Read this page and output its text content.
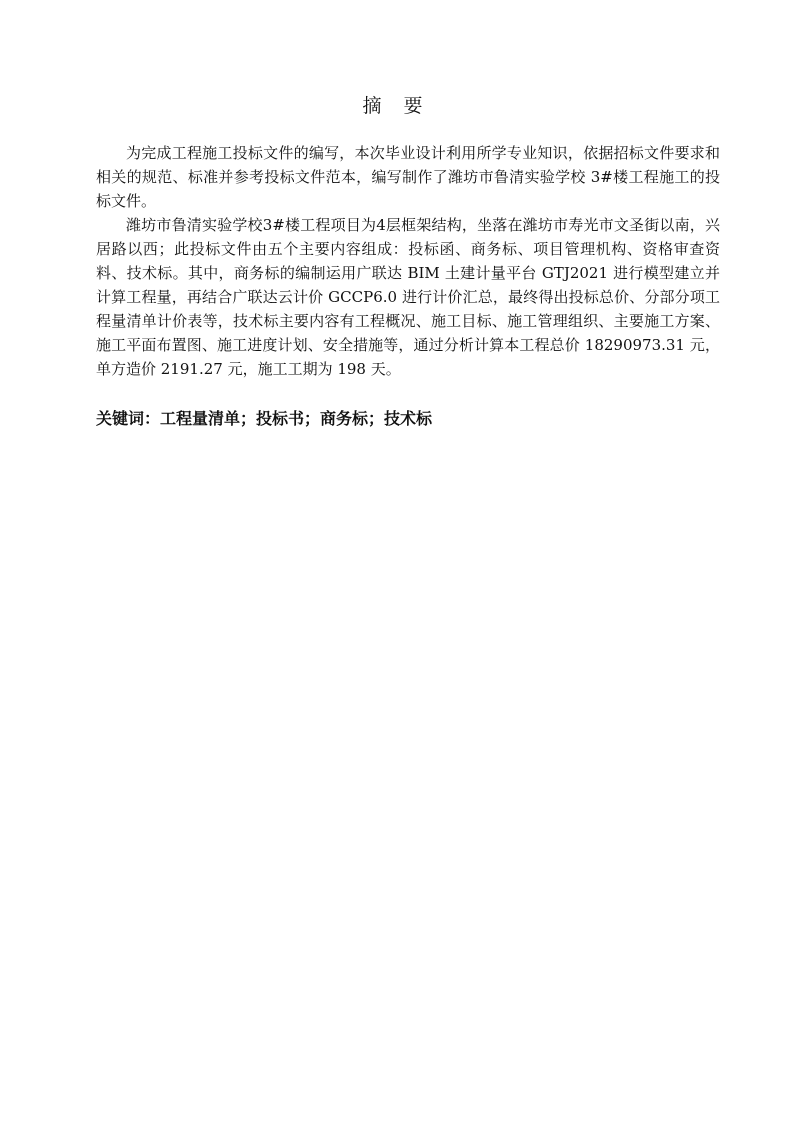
摘 要

为完成工程施工投标文件的编写，本次毕业设计利用所学专业知识，依据招标文件要求和相关的规范、标准并参考投标文件范本，编写制作了潍坊市鲁清实验学校 3#楼工程施工的投标文件。

潍坊市鲁清实验学校3#楼工程项目为4层框架结构，坐落在潍坊市寿光市文圣街以南，兴居路以西；此投标文件由五个主要内容组成：投标函、商务标、项目管理机构、资格审查资料、技术标。其中，商务标的编制运用广联达 BIM 土建计量平台 GTJ2021 进行模型建立并计算工程量，再结合广联达云计价 GCCP6.0 进行计价汇总，最终得出投标总价、分部分项工程量清单计价表等，技术标主要内容有工程概况、施工目标、施工管理组织、主要施工方案、施工平面布置图、施工进度计划、安全措施等，通过分析计算本工程总价 18290973.31 元，单方造价 2191.27 元，施工工期为 198 天。

关键词：工程量清单；投标书；商务标；技术标
